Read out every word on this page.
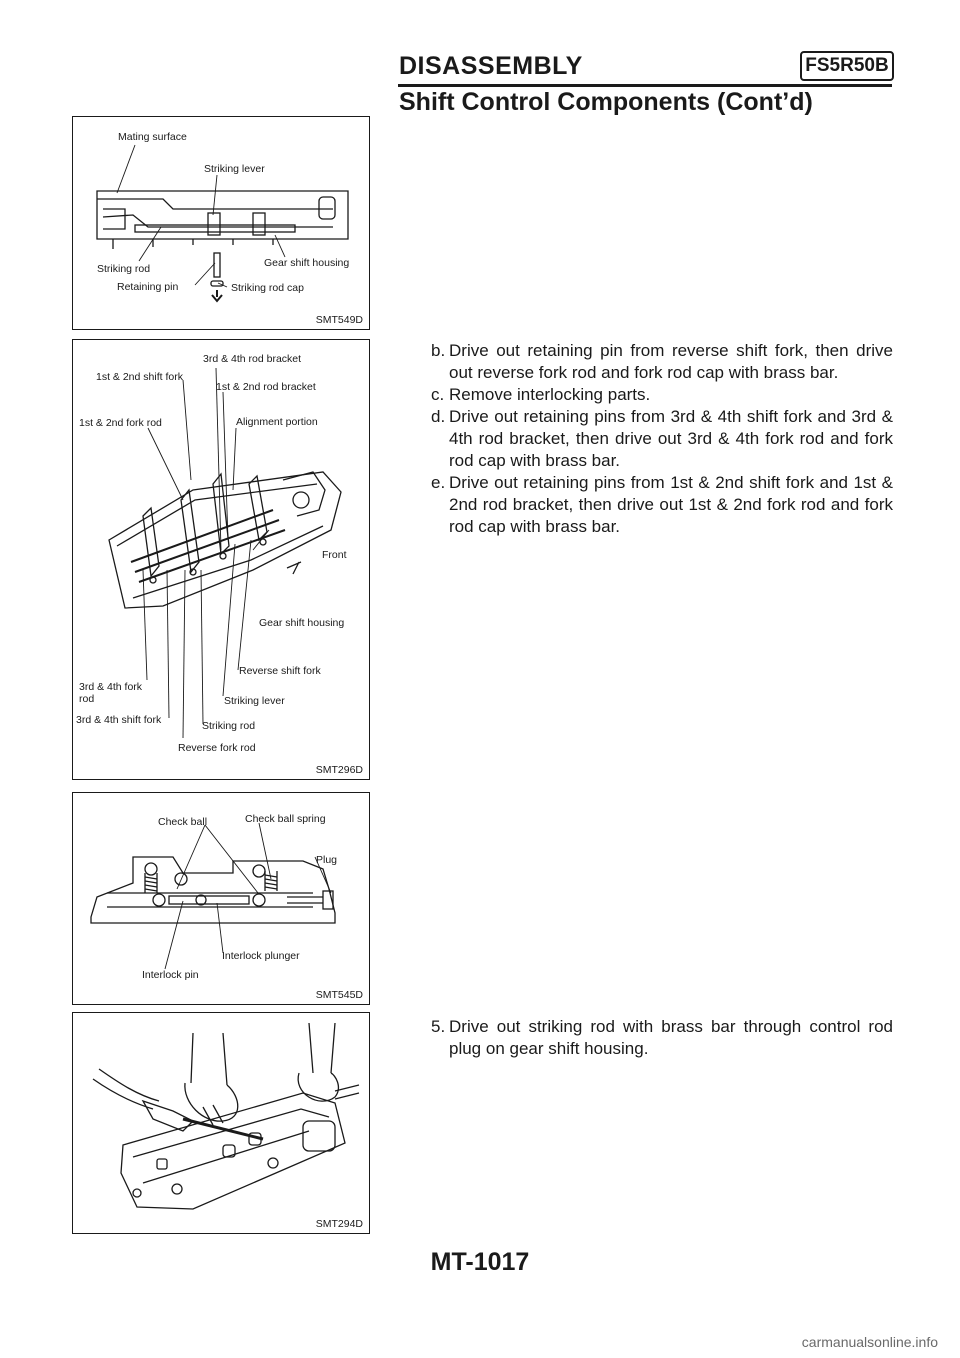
DISASSEMBLY	FS5R50B
Shift Control Components (Cont’d)
Mating surface
Striking lever
Striking rod	Gear shift housing
Retaining pin	Striking rod cap
SMT549D
3rd & 4th rod bracket
1st & 2nd shift fork
1st & 2nd rod bracket
1st & 2nd fork rod	Alignment portion
Front
Gear shift housing
Reverse shift fork
3rd & 4th fork
rod	Striking lever
3rd & 4th shift fork	Striking rod
Reverse fork rod
SMT296D
Check ball	Check ball spring
Plug
Interlock plunger
Interlock pin
SMT545D
SMT294D

b. Drive out retaining pin from reverse shift fork, then drive out reverse fork rod and fork rod cap with brass bar.

c. Remove interlocking parts.

d. Drive out retaining pins from 3rd & 4th shift fork and 3rd & 4th rod bracket, then drive out 3rd & 4th fork rod and fork rod cap with brass bar.

e. Drive out retaining pins from 1st & 2nd shift fork and 1st & 2nd rod bracket, then drive out 1st & 2nd fork rod and fork rod cap with brass bar.

5. Drive out striking rod with brass bar through control rod plug on gear shift housing.

MT-1017
carmanualsonline.info
